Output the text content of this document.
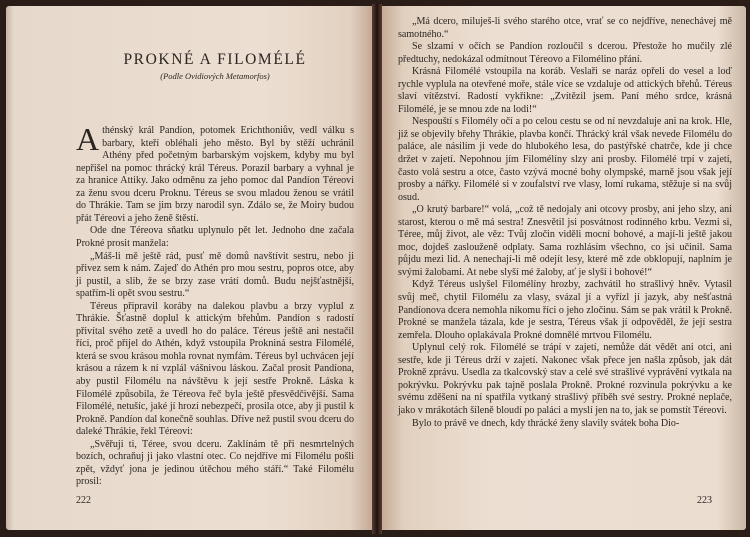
PROKNÉ A FILOMÉLÉ
(Podle Ovidiových Metamorfos)

Athénský král Pandíon, potomek Erichthoniův, vedl válku s barbary, kteří obléhali jeho město. Byl by stěží uchránil Athény před početným barbarským vojskem, kdyby mu byl nepřišel na pomoc thrácký král Téreus. Porazil barbary a vyhnal je za hranice Attiky. Jako odměnu za jeho pomoc dal Pandíon Téreovi za ženu svou dceru Proknu. Téreus se svou mladou ženou se vrátil do Thrákie. Tam se jim brzy narodil syn. Zdálo se, že Moiry budou přát Téreovi a jeho ženě štěstí.

Ode dne Téreova sňatku uplynulo pět let. Jednoho dne začala Prokné prosit manžela:

„Máš-li mě ještě rád, pusť mě domů navštívit sestru, nebo ji přivez sem k nám. Zajeď do Athén pro mou sestru, popros otce, aby ji pustil, a slib, že se brzy zase vrátí domů. Budu nejšťastnější, spatřím-li opět svou sestru.“

Téreus připravil koráby na dalekou plavbu a brzy vyplul z Thrákie. Šťastně doplul k attickým břehům. Pandíon s radostí přivítal svého zetě a uvedl ho do paláce. Téreus ještě ani nestačil říci, proč přijel do Athén, když vstoupila Prokniná sestra Filomélé, která se svou krásou mohla rovnat nymfám. Téreus byl uchvácen její krásou a rázem k ní vzplál vášnivou láskou. Začal prosit Pandíona, aby pustil Filomélu na návštěvu k její sestře Prokně. Láska k Filomélé způsobila, že Téreova řeč byla ještě přesvědčivější. Sama Filomélé, netušíc, jaké jí hrozí nebezpečí, prosila otce, aby ji pustil k Prokně. Pandíon dal konečně souhlas. Dříve než pustil svou dceru do daleké Thrákie, řekl Téreovi:

„Svěřuji ti, Téree, svou dceru. Zaklínám tě při nesmrtelných bozích, ochraňuj ji jako vlastní otec. Co nejdříve mi Filomélu pošli zpět, vždyť jona je jedinou útěchou mého stáří.“ Také Filomélu prosil:

222

„Má dcero, miluješ-li svého starého otce, vrať se co nejdříve, nenechávej mě samotného.“

Se slzami v očích se Pandíon rozloučil s dcerou. Přestože ho mučily zlé předtuchy, nedokázal odmítnout Téreovo a Filomélino přání.

Krásná Filomélé vstoupila na koráb. Veslaři se naráz opřeli do vesel a loď rychle vyplula na otevřené moře, stále více se vzdaluje od attických břehů. Téreus slaví vítězství. Radostí vykřikne: „Zvítězil jsem. Paní mého srdce, krásná Filomélé, je se mnou zde na lodi!“

Nespouští s Filomély očí a po celou cestu se od ní nevzdaluje ani na krok. Hle, již se objevily břehy Thrákie, plavba končí. Thrácký král však nevede Filomélu do paláce, ale násilím ji vede do hlubokého lesa, do pastýřské chatrče, kde ji chce držet v zajetí. Nepohnou jím Filomélíny slzy ani prosby. Filomélé trpí v zajetí, často volá sestru a otce, často vzývá mocné bohy olympské, marně jsou však její prosby a nářky. Filomélé si v zoufalství rve vlasy, lomí rukama, stěžuje si na svůj osud.

„O krutý barbare!“ volá, „což tě nedojaly ani otcovy prosby, ani jeho slzy, ani starost, kterou o mě má sestra! Znesvětil jsi posvátnost rodinného krbu. Vezmi si, Téree, můj život, ale věz: Tvůj zločin viděli mocní bohové, a mají-li ještě jakou moc, dojdeš zaslouženě odplaty. Sama rozhlásím všechno, co jsi učinil. Sama půjdu mezi lid. A nenechají-li mě odejít lesy, které mě zde obklopují, naplním je svými žalobami. At nebe slyší mé žaloby, ať je slyší i bohové!“

Když Téreus uslyšel Filomélíny hrozby, zachvátil ho strašlivý hněv. Vytasil svůj meč, chytil Filomélu za vlasy, svázal jí a vyřízl jí jazyk, aby nešťastná Pandíonova dcera nemohla nikomu říci o jeho zločinu. Sám se pak vrátil k Prokně. Prokné se manžela tázala, kde je sestra, Téreus však jí odpověděl, že její sestra zemřela. Dlouho oplakávala Prokné domnělé mrtvou Filomélu.

Uplynul celý rok. Filomélé se trápí v zajetí, nemůže dát vědět ani otci, ani sestře, kde ji Téreus drží v zajetí. Nakonec však přece jen našla způsob, jak dát Prokně zprávu. Usedla za tkalcovský stav a celé své strašlivé vyprávění vytkala na pokrývku. Pokrývku pak tajně poslala Prokně. Prokné rozvinula pokrývku a ke svému zděšení na ní spatřila vytkaný strašlivý příběh své sestry. Prokné neplače, jako v mrákotách šíleně bloudí po paláci a myslí jen na to, jak se pomstít Téreovi.

Bylo to právě ve dnech, kdy thrácké ženy slavily svátek boha Dio-

223
